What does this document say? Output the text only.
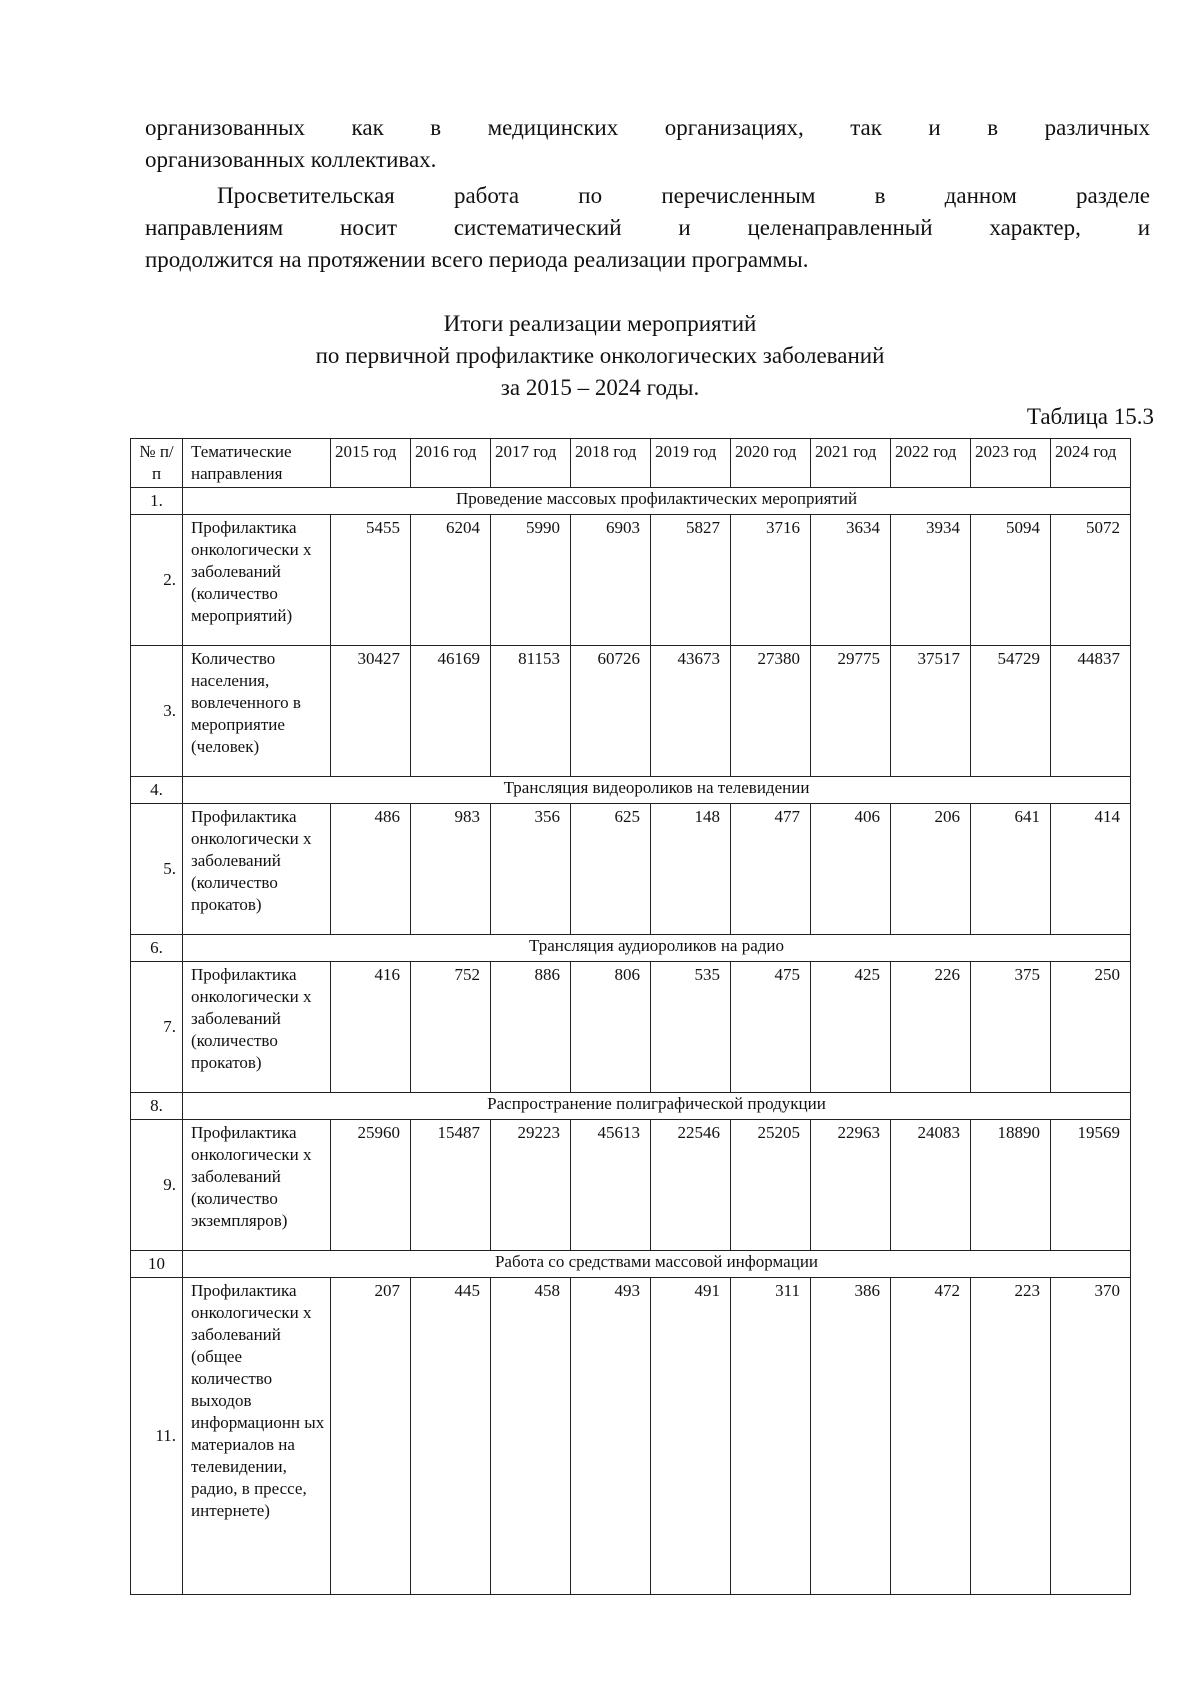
организованных как в медицинских организациях, так и в различных
организованных коллективах.
Просветительская работа по перечисленным в данном разделе
направлениям носит систематический и целенаправленный характер, и
продолжится на протяжении всего периода реализации программы.
Итоги реализации мероприятий
по первичной профилактике онкологических заболеваний
за 2015 – 2024 годы.
Таблица 15.3
№ п/п	Тематические направления	2015 год	2016 год	2017 год	2018 год	2019 год	2020 год	2021 год	2022 год	2023 год	2024 год
1.	Проведение массовых профилактических мероприятий										
2.	Профилактика онкологически х заболеваний (количество мероприятий)	5455	6204	5990	6903	5827	3716	3634	3934	5094	5072
3.	Количество населения, вовлеченного в мероприятие (человек)	30427	46169	81153	60726	43673	27380	29775	37517	54729	44837
4.	Трансляция видеороликов на телевидении										
5.	Профилактика онкологически х заболеваний (количество прокатов)	486	983	356	625	148	477	406	206	641	414
6.	Трансляция аудиороликов на радио										
7.	Профилактика онкологически х заболеваний (количество прокатов)	416	752	886	806	535	475	425	226	375	250
8.	Распространение полиграфической продукции										
9.	Профилактика онкологически х заболеваний (количество экземпляров)	25960	15487	29223	45613	22546	25205	22963	24083	18890	19569
10	Работа со средствами массовой информации										
11.	Профилактика онкологически х заболеваний (общее количество выходов информационн ых материалов на телевидении, радио, в прессе, интернете)	207	445	458	493	491	311	386	472	223	370
